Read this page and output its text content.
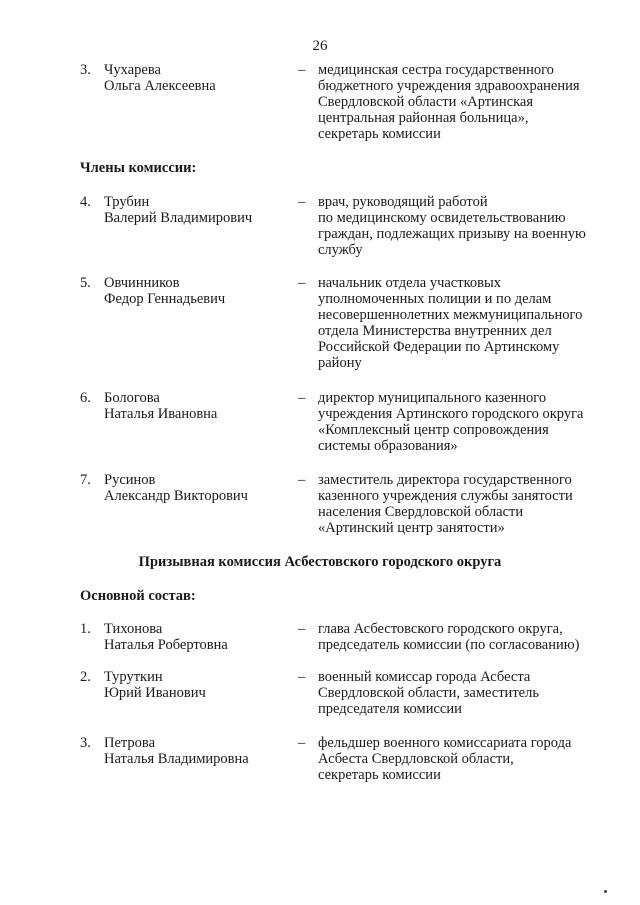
26
3. Чухарева
Ольга Алексеевна
– медицинская сестра государственного
бюджетного учреждения здравоохранения
Свердловской области «Артинская
центральная районная больница»,
секретарь комиссии
Члены комиссии:
4. Трубин
Валерий Владимирович
– врач, руководящий работой
по медицинскому освидетельствованию
граждан, подлежащих призыву на военную
службу
5. Овчинников
Федор Геннадьевич
– начальник отдела участковых
уполномоченных полиции и по делам
несовершеннолетних межмуниципального
отдела Министерства внутренних дел
Российской Федерации по Артинскому
району
6. Бологова
Наталья Ивановна
– директор муниципального казенного
учреждения Артинского городского округа
«Комплексный центр сопровождения
системы образования»
7. Русинов
Александр Викторович
– заместитель директора государственного
казенного учреждения службы занятости
населения Свердловской области
«Артинский центр занятости»
Призывная комиссия Асбестовского городского округа
Основной состав:
1. Тихонова
Наталья Робертовна
– глава Асбестовского городского округа,
председатель комиссии (по согласованию)
2. Туруткин
Юрий Иванович
– военный комиссар города Асбеста
Свердловской области, заместитель
председателя комиссии
3. Петрова
Наталья Владимировна
– фельдшер военного комиссариата города
Асбеста Свердловской области,
секретарь комиссии
